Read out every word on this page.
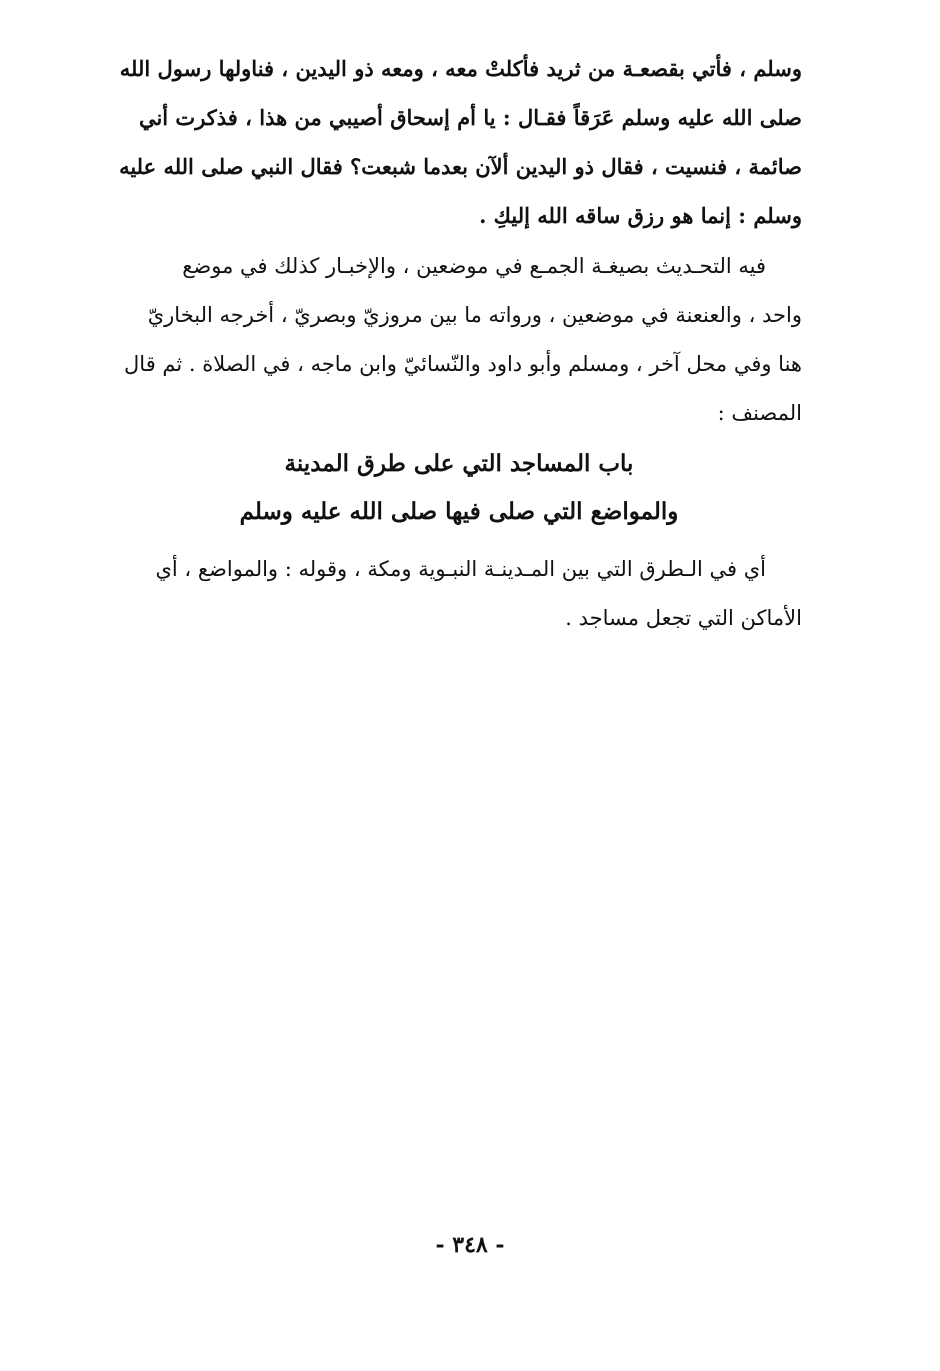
وسلم ، فأتي بقصعـة من ثريد فأكلتْ معه ، ومعه ذو اليدين ، فناولها رسول الله
صلى الله عليه وسلم عَرَقاً فقـال : يا أم إسحاق أصيبي من هذا ، فذكرت أني
صائمة ، فنسيت ، فقال ذو اليدين ألآن بعدما شبعت؟ فقال النبي صلى الله عليه
وسلم : إنما هو رزق ساقه الله إليكِ .
فيه التحـديث بصيغـة الجمـع في موضعين ، والإخبـار كذلك في موضع
واحد ، والعنعنة في موضعين ، ورواته ما بين مروزيّ وبصريّ ، أخرجه البخاريّ
هنا وفي محل آخر ، ومسلم وأبو داود والنّسائيّ وابن ماجه ، في الصلاة . ثم قال
المصنف :
باب المساجد التي على طرق المدينة
والمواضع التي صلى فيها صلى الله عليه وسلم
أي في الـطرق التي بين المـدينـة النبـوية ومكة ، وقوله : والمواضع ، أي
الأماكن التي تجعل مساجد .
- ٣٤٨ -
